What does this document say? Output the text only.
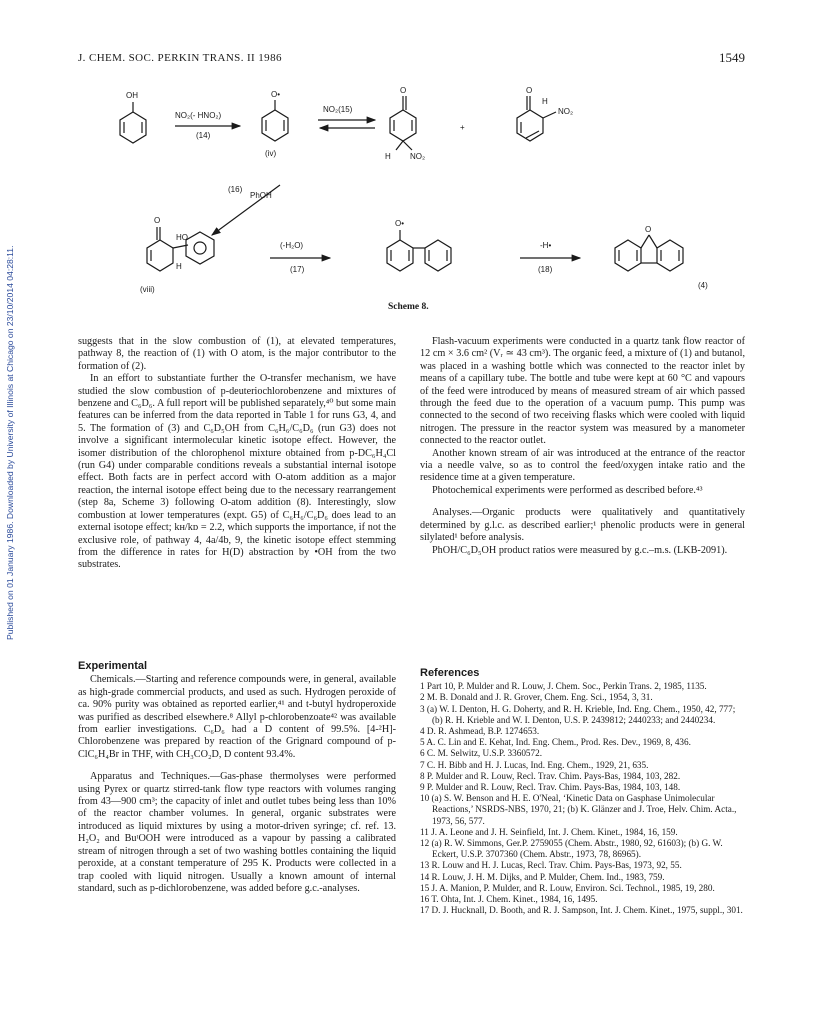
Published on 01 January 1986. Downloaded by University of Illinois at Chicago on 23/10/2014 04:28:11.
J. CHEM. SOC. PERKIN TRANS. II 1986	1549
OH
NO₂(- HNO₂)
(14)
O•
(iv)
NO₂(15)
O
H NO₂
+
O
H
NO₂
(16)
PhOH
O
HO
H
(viii)
(-H₂O)
(17)
O•
-H•
(18)
O
(4)
Scheme 8.

suggests that in the slow combustion of (1), at elevated temperatures, pathway 8, the reaction of (1) with O atom, is the major contributor to the formation of (2).

In an effort to substantiate further the O-transfer mechanism, we have studied the slow combustion of p-deuteriochlorobenzene and mixtures of benzene and C₆D₆. A full report will be published separately,⁴⁰ but some main features can be inferred from the data reported in Table 1 for runs G3, 4, and 5. The formation of (3) and C₆D₅OH from C₆H₆/C₆D₆ (run G3) does not involve a significant intermolecular kinetic isotope effect. However, the isomer distribution of the chlorophenol mixture obtained from p-DC₆H₄Cl (run G4) under comparable conditions reveals a substantial internal isotope effect. Both facts are in perfect accord with O-atom addition as a major reaction, the internal isotope effect being due to the necessary rearrangement (step 8a, Scheme 3) following O-atom addition (8). Interestingly, slow combustion at lower temperatures (expt. G5) of C₆H₆/C₆D₆ does lead to an external isotope effect; kʜ/kᴅ = 2.2, which supports the importance, if not the exclusive role, of pathway 4, 4a/4b, 9, the kinetic isotope effect stemming from the difference in rates for H(D) abstraction by •OH from the two substrates.

Experimental

Chemicals.—Starting and reference compounds were, in general, available as high-grade commercial products, and used as such. Hydrogen peroxide of ca. 90% purity was obtained as reported earlier,⁴¹ and t-butyl hydroperoxide was purified as described elsewhere.⁸ Allyl p-chlorobenzoate⁴² was available from earlier investigations. C₆D₆ had a D content of 99.5%. [4-²H]-Chlorobenzene was prepared by reaction of the Grignard compound of p-ClC₆H₄Br in THF, with CH₃CO₂D, D content 93.4%.

Apparatus and Techniques.—Gas-phase thermolyses were performed using Pyrex or quartz stirred-tank flow type reactors with volumes ranging from 43—900 cm³; the capacity of inlet and outlet tubes being less than 10% of the reactor chamber volumes. In general, organic substrates were introduced as liquid mixtures by using a motor-driven syringe; cf. ref. 13. H₂O₂ and BuᵗOOH were introduced as a vapour by passing a calibrated stream of nitrogen through a set of two washing bottles containing the liquid peroxide, at a constant temperature of 295 K. Products were collected in a trap cooled with liquid nitrogen. Usually a known amount of internal standard, such as p-dichlorobenzene, was added before g.c.-analyses.

Flash-vacuum experiments were conducted in a quartz tank flow reactor of 12 cm × 3.6 cm² (Vᵣ ≃ 43 cm³). The organic feed, a mixture of (1) and butanol, was placed in a washing bottle which was connected to the reactor inlet by means of a capillary tube. The bottle and tube were kept at 60 °C and vapours of the feed were introduced by means of measured stream of air which passed through the feed due to the operation of a vacuum pump. This pump was connected to the second of two receiving flasks which were cooled with liquid nitrogen. The pressure in the reactor system was measured by a manometer connected to the reactor outlet.

Another known stream of air was introduced at the entrance of the reactor via a needle valve, so as to control the feed/oxygen intake ratio and the residence time at a given temperature.

Photochemical experiments were performed as described before.⁴³

Analyses.—Organic products were qualitatively and quantitatively determined by g.l.c. as described earlier;¹ phenolic products were in general silylated¹ before analysis.

PhOH/C₆D₅OH product ratios were measured by g.c.–m.s. (LKB-2091).

References

1 Part 10, P. Mulder and R. Louw, J. Chem. Soc., Perkin Trans. 2, 1985, 1135.

2 M. B. Donald and J. R. Grover, Chem. Eng. Sci., 1954, 3, 31.

3 (a) W. I. Denton, H. G. Doherty, and R. H. Krieble, Ind. Eng. Chem., 1950, 42, 777; (b) R. H. Krieble and W. I. Denton, U.S. P. 2439812; 2440233; and 2440234.

4 D. R. Ashmead, B.P. 1274653.

5 A. C. Lin and E. Kehat, Ind. Eng. Chem., Prod. Res. Dev., 1969, 8, 436.

6 C. M. Selwitz, U.S.P. 3360572.

7 C. H. Bibb and H. J. Lucas, Ind. Eng. Chem., 1929, 21, 635.

8 P. Mulder and R. Louw, Recl. Trav. Chim. Pays-Bas, 1984, 103, 282.

9 P. Mulder and R. Louw, Recl. Trav. Chim. Pays-Bas, 1984, 103, 148.

10 (a) S. W. Benson and H. E. O'Neal, ‘Kinetic Data on Gasphase Unimolecular Reactions,’ NSRDS-NBS, 1970, 21; (b) K. Glänzer and J. Troe, Helv. Chim. Acta., 1973, 56, 577.

11 J. A. Leone and J. H. Seinfield, Int. J. Chem. Kinet., 1984, 16, 159.

12 (a) R. W. Simmons, Ger.P. 2759055 (Chem. Abstr., 1980, 92, 61603); (b) G. W. Eckert, U.S.P. 3707360 (Chem. Abstr., 1973, 78, 86965).

13 R. Louw and H. J. Lucas, Recl. Trav. Chim. Pays-Bas, 1973, 92, 55.

14 R. Louw, J. H. M. Dijks, and P. Mulder, Chem. Ind., 1983, 759.

15 J. A. Manion, P. Mulder, and R. Louw, Environ. Sci. Technol., 1985, 19, 280.

16 T. Ohta, Int. J. Chem. Kinet., 1984, 16, 1495.

17 D. J. Hucknall, D. Booth, and R. J. Sampson, Int. J. Chem. Kinet., 1975, suppl., 301.
